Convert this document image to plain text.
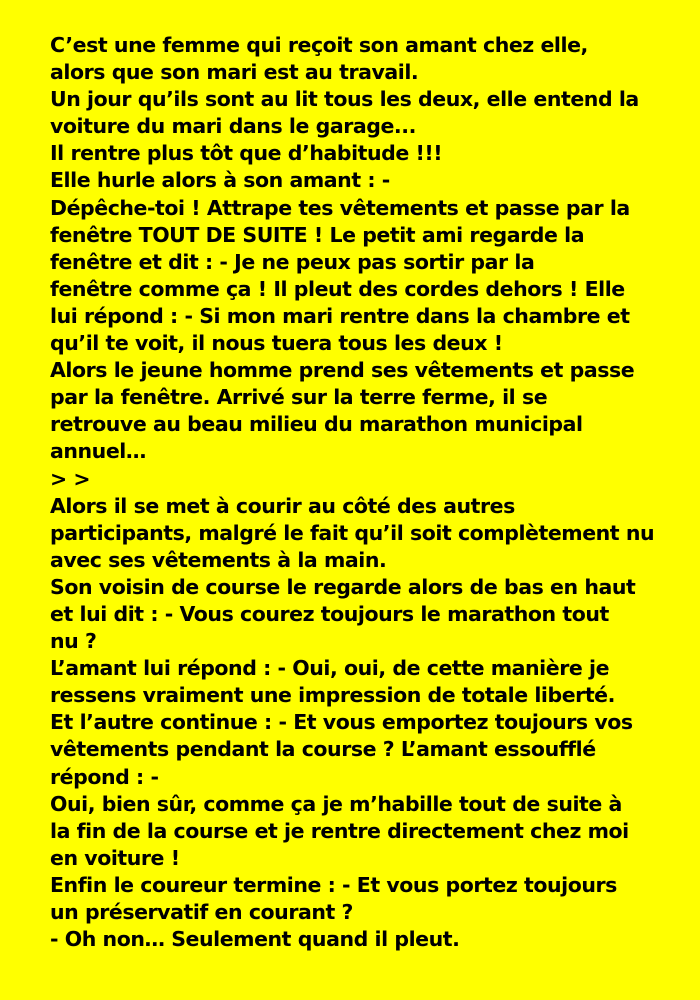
C’est une femme qui reçoit son amant chez elle,
alors que son mari est au travail.
Un jour qu’ils sont au lit tous les deux, elle entend la
voiture du mari dans le garage...
Il rentre plus tôt que d’habitude !!!
Elle hurle alors à son amant : -
Dépêche-toi ! Attrape tes vêtements et passe par la
fenêtre TOUT DE SUITE ! Le petit ami regarde la
fenêtre et dit : - Je ne peux pas sortir par la
fenêtre comme ça ! Il pleut des cordes dehors ! Elle
lui répond : - Si mon mari rentre dans la chambre et
qu’il te voit, il nous tuera tous les deux !
Alors le jeune homme prend ses vêtements et passe
par la fenêtre. Arrivé sur la terre ferme, il se
retrouve au beau milieu du marathon municipal
annuel…
> >
Alors il se met à courir au côté des autres
participants, malgré le fait qu’il soit complètement nu
avec ses vêtements à la main.
Son voisin de course le regarde alors de bas en haut
et lui dit : - Vous courez toujours le marathon tout
nu ?
L’amant lui répond : - Oui, oui, de cette manière je
ressens vraiment une impression de totale liberté.
Et l’autre continue : - Et vous emportez toujours vos
vêtements pendant la course ? L’amant essoufflé
répond : -
Oui, bien sûr, comme ça je m’habille tout de suite à
la fin de la course et je rentre directement chez moi
en voiture !
Enfin le coureur termine : - Et vous portez toujours
un préservatif en courant ?
- Oh non… Seulement quand il pleut.
